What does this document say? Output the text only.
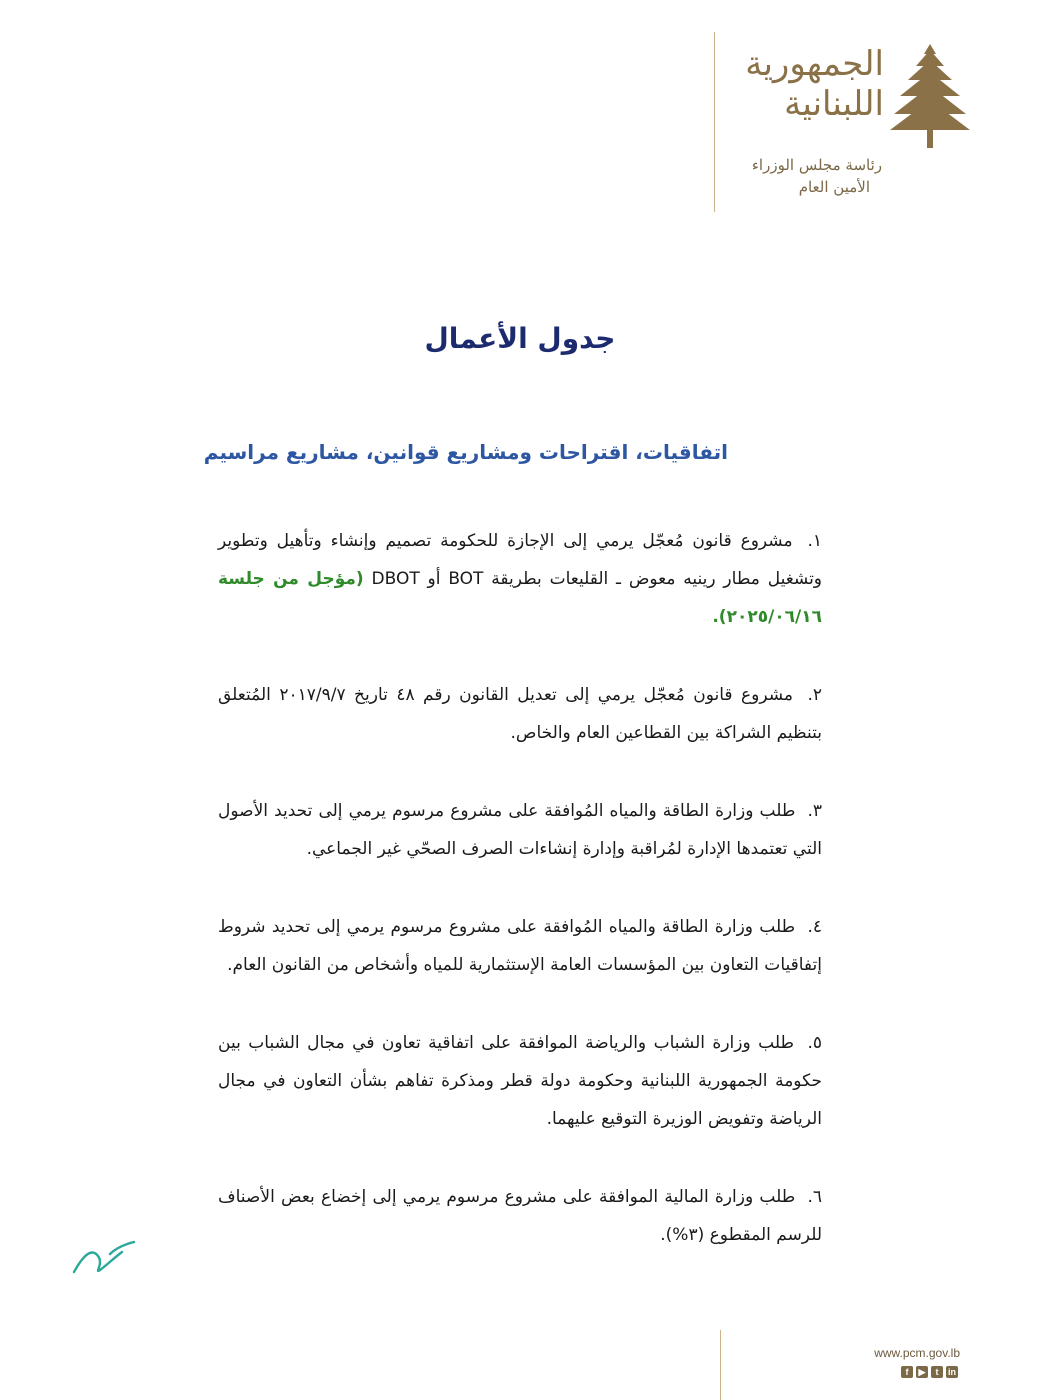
الجمهورية
اللبنانية
رئاسة مجلس الوزراء
الأمين العام
جدول الأعمال
اتفاقيات، اقتراحات ومشاريع قوانين، مشاريع مراسيم

١. مشروع قانون مُعجّل يرمي إلى الإجازة للحكومة تصميم وإنشاء وتأهيل وتطوير وتشغيل مطار رينيه معوض ـ القليعات بطريقة BOT أو DBOT (مؤجل من جلسة ٢٠٢٥/٠٦/١٦).

٢. مشروع قانون مُعجّل يرمي إلى تعديل القانون رقم ٤٨ تاريخ ٢٠١٧/٩/٧ المُتعلق بتنظيم الشراكة بين القطاعين العام والخاص.

٣. طلب وزارة الطاقة والمياه المُوافقة على مشروع مرسوم يرمي إلى تحديد الأصول التي تعتمدها الإدارة لمُراقبة وإدارة إنشاءات الصرف الصحّي غير الجماعي.

٤. طلب وزارة الطاقة والمياه المُوافقة على مشروع مرسوم يرمي إلى تحديد شروط إتفاقيات التعاون بين المؤسسات العامة الإستثمارية للمياه وأشخاص من القانون العام.

٥. طلب وزارة الشباب والرياضة الموافقة على اتفاقية تعاون في مجال الشباب بين حكومة الجمهورية اللبنانية وحكومة دولة قطر ومذكرة تفاهم بشأن التعاون في مجال الرياضة وتفويض الوزيرة التوقيع عليهما.

٦. طلب وزارة المالية الموافقة على مشروع مرسوم يرمي إلى إخضاع بعض الأصناف للرسم المقطوع (٣%).

www.pcm.gov.lb
f	▶	t	in
